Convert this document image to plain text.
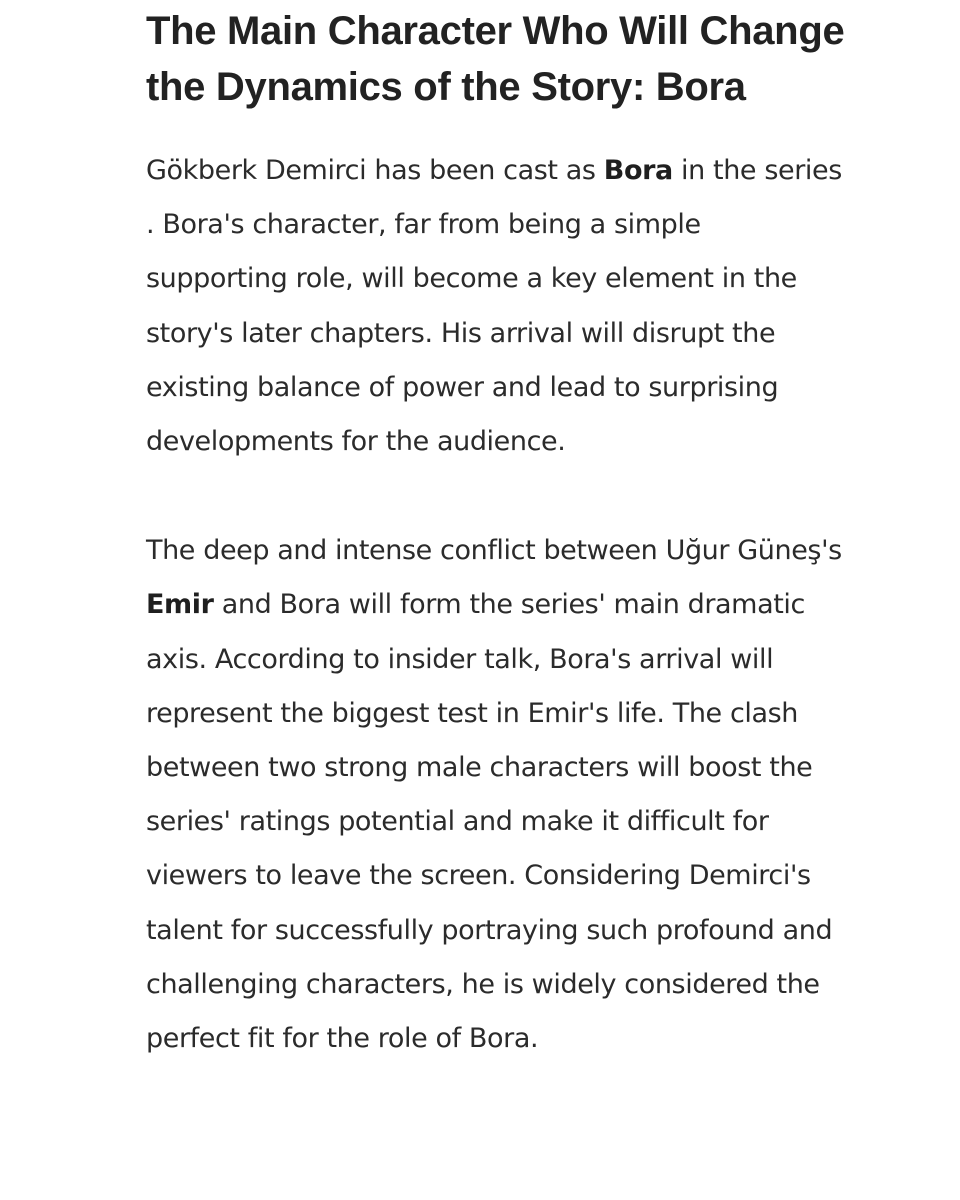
The Main Character Who Will Change the Dynamics of the Story: Bora

Gökberk Demirci has been cast as Bora in the series . Bora's character, far from being a simple supporting role, will become a key element in the story's later chapters. His arrival will disrupt the existing balance of power and lead to surprising developments for the audience.

The deep and intense conflict between Uğur Güneş's Emir and Bora will form the series' main dramatic axis. According to insider talk, Bora's arrival will represent the biggest test in Emir's life. The clash between two strong male characters will boost the series' ratings potential and make it difficult for viewers to leave the screen. Considering Demirci's talent for successfully portraying such profound and challenging characters, he is widely considered the perfect fit for the role of Bora.
